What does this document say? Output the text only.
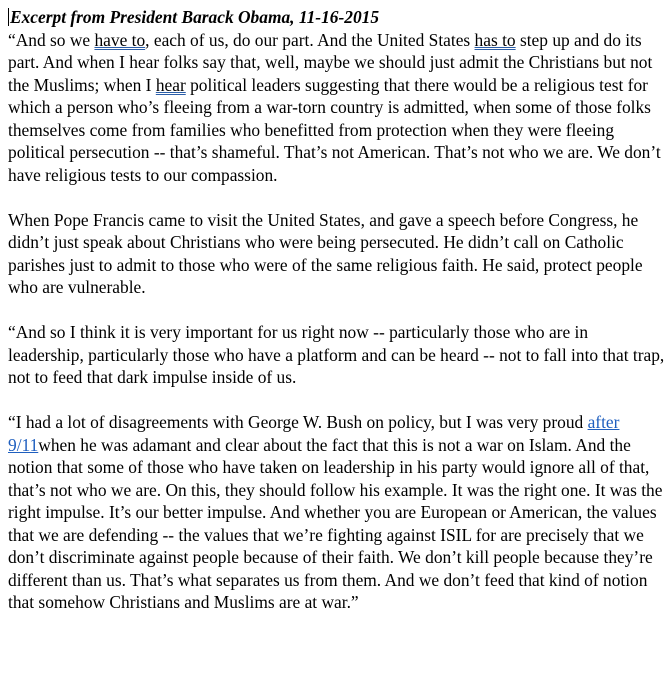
Excerpt from President Barack Obama, 11-16-2015

“And so we have to, each of us, do our part. And the United States has to step up and do its part. And when I hear folks say that, well, maybe we should just admit the Christians but not the Muslims; when I hear political leaders suggesting that there would be a religious test for which a person who’s fleeing from a war-torn country is admitted, when some of those folks themselves come from families who benefitted from protection when they were fleeing political persecution -- that’s shameful. That’s not American. That’s not who we are. We don’t have religious tests to our compassion.

When Pope Francis came to visit the United States, and gave a speech before Congress, he didn’t just speak about Christians who were being persecuted. He didn’t call on Catholic parishes just to admit to those who were of the same religious faith. He said, protect people who are vulnerable.

“And so I think it is very important for us right now -- particularly those who are in leadership, particularly those who have a platform and can be heard -- not to fall into that trap, not to feed that dark impulse inside of us.

“I had a lot of disagreements with George W. Bush on policy, but I was very proud after 9/11when he was adamant and clear about the fact that this is not a war on Islam. And the notion that some of those who have taken on leadership in his party would ignore all of that, that’s not who we are. On this, they should follow his example. It was the right one. It was the right impulse. It’s our better impulse. And whether you are European or American, the values that we are defending -- the values that we’re fighting against ISIL for are precisely that we don’t discriminate against people because of their faith. We don’t kill people because they’re different than us. That’s what separates us from them. And we don’t feed that kind of notion that somehow Christians and Muslims are at war.”
